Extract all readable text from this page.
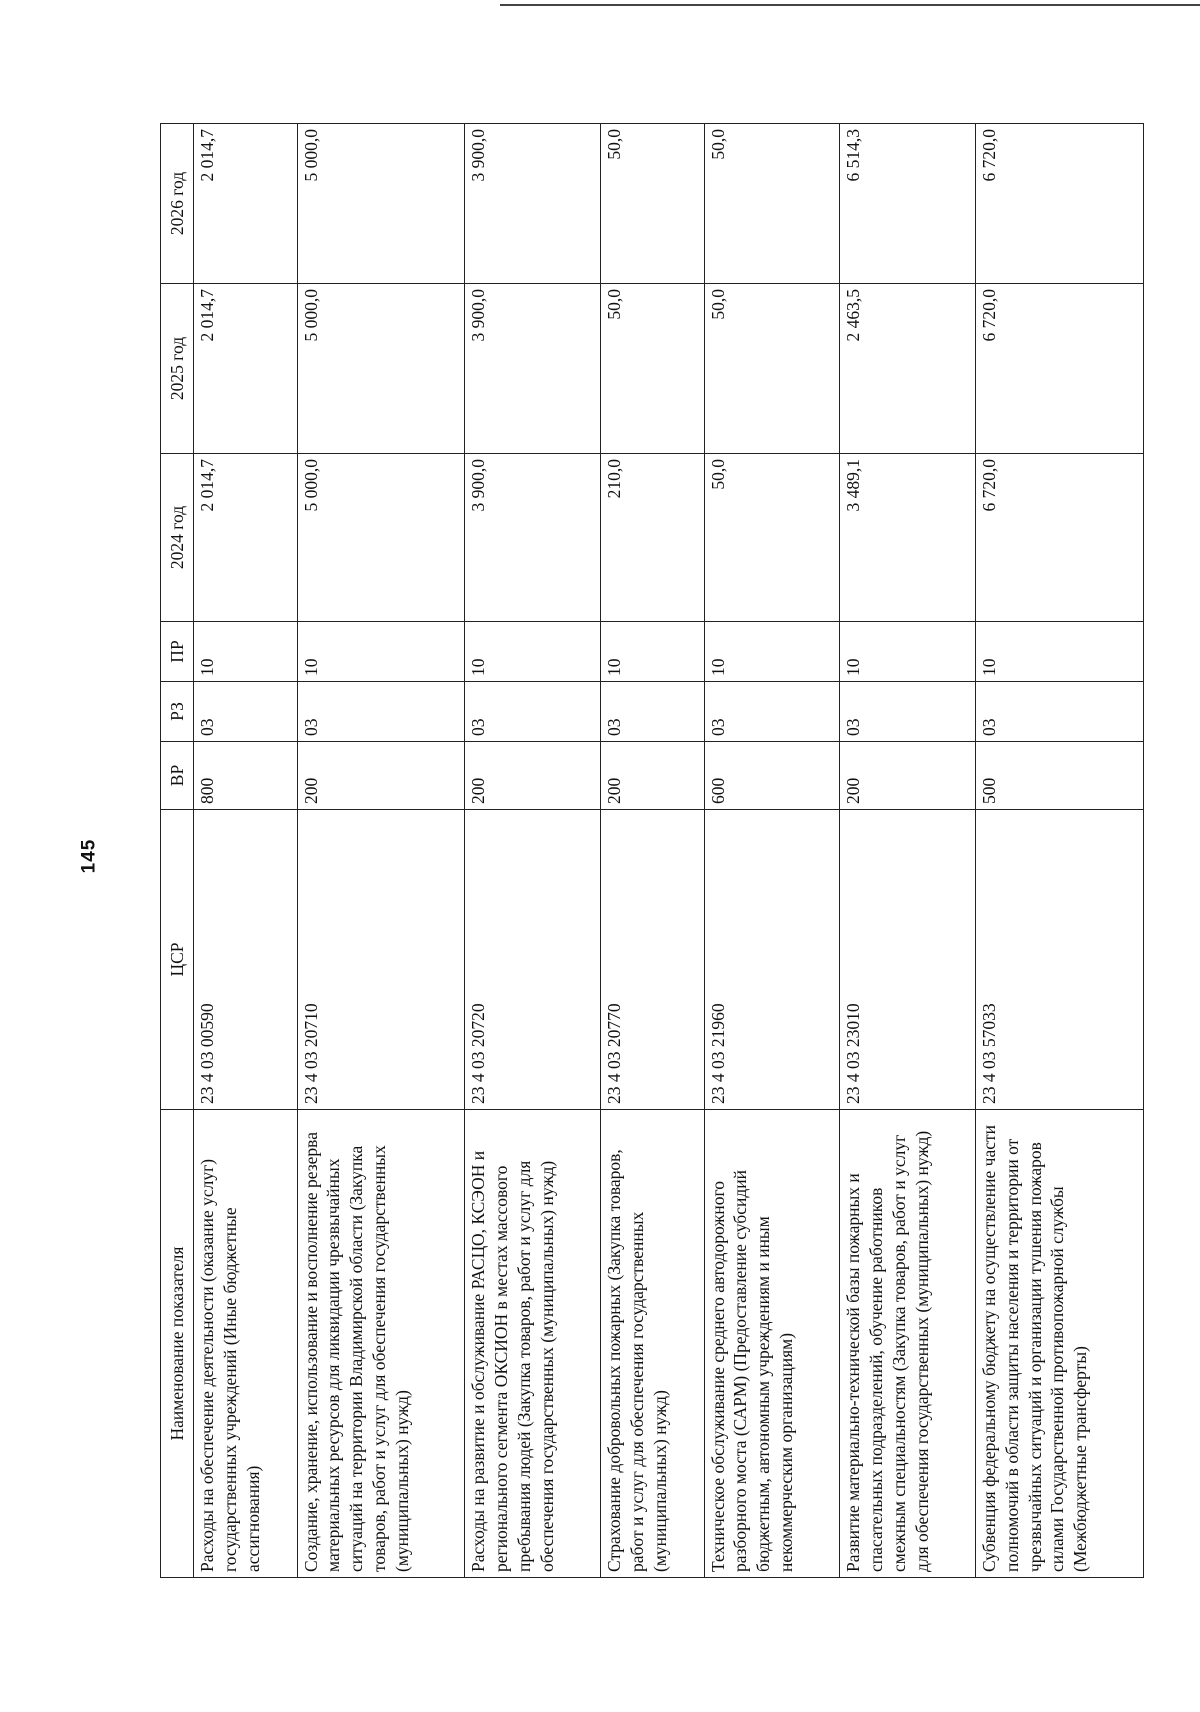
145
Наименование показателя	ЦСР	ВР	РЗ	ПР	2024 год	2025 год	2026 год
Расходы на обеспечение деятельности (оказание услуг) государственных учреждений (Иные бюджетные ассигнования)	23 4 03 00590	800	03	10	2 014,7	2 014,7	2 014,7
Создание, хранение, использование и восполнение резерва материальных ресурсов для ликвидации чрезвычайных ситуаций на территории Владимирской области (Закупка товаров, работ и услуг для обеспечения государственных (муниципальных) нужд)	23 4 03 20710	200	03	10	5 000,0	5 000,0	5 000,0
Расходы на развитие и обслуживание РАСЦО, КСЭОН и регионального сегмента ОКСИОН в местах массового пребывания людей (Закупка товаров, работ и услуг для обеспечения государственных (муниципальных) нужд)	23 4 03 20720	200	03	10	3 900,0	3 900,0	3 900,0
Страхование добровольных пожарных (Закупка товаров, работ и услуг для обеспечения государственных (муниципальных) нужд)	23 4 03 20770	200	03	10	210,0	50,0	50,0
Техническое обслуживание среднего автодорожного разборного моста (САРМ) (Предоставление субсидий бюджетным, автономным учреждениям и иным некоммерческим организациям)	23 4 03 21960	600	03	10	50,0	50,0	50,0
Развитие материально-технической базы пожарных и спасательных подразделений, обучение работников смежным специальностям (Закупка товаров, работ и услуг для обеспечения государственных (муниципальных) нужд)	23 4 03 23010	200	03	10	3 489,1	2 463,5	6 514,3
Субвенция федеральному бюджету на осуществление части полномочий в области защиты населения и территории от чрезвычайных ситуаций и организации тушения пожаров силами Государственной противопожарной службы (Межбюджетные трансферты)	23 4 03 57033	500	03	10	6 720,0	6 720,0	6 720,0
